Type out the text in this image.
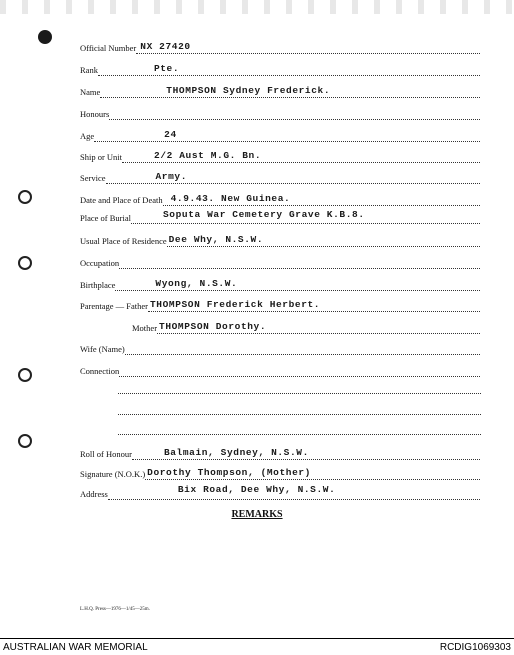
Official Number NX 27420
Rank	Pte.
Name	THOMPSON Sydney Frederick.
Honours
Age	24
Ship or Unit	2/2 Aust M.G. Bn.
Service	Army.
Date and Place of Death 4.9.43. New Guinea.
Place of Burial	Soputa War Cemetery Grave K.B.8.
Usual Place of Residence Dee Why, N.S.W.
Occupation
Birthplace	Wyong, N.S.W.
Parentage — Father THOMPSON Frederick Herbert.
Mother THOMPSON Dorothy.
Wife (Name)
Connection
Roll of Honour	Balmain, Sydney, N.S.W.
Signature (N.O.K.) Dorothy Thompson, (Mother)
Address	Bix Road, Dee Why, N.S.W.
REMARKS
L.H.Q. Press—1976—1/45—25m.
AUSTRALIAN WAR MEMORIAL	RCDIG1069303
